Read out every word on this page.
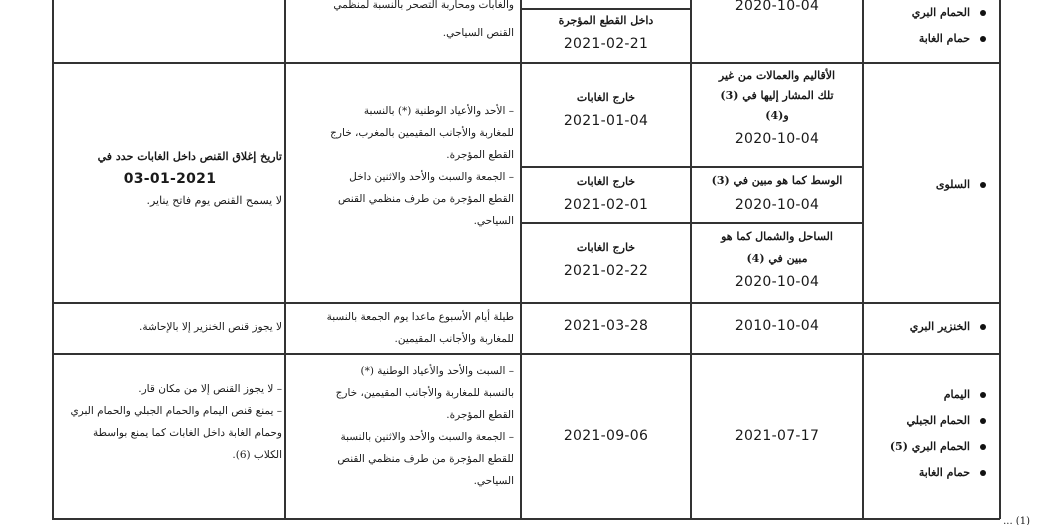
الحمام البري
حمام الغابة
2020-10-04
داخل القطع المؤجرة
2021-02-21
والغابات ومحاربة التصحر بالنسبة لمنظمي
القنص السياحي.
السلوى
الأقاليم والعمالات من غير
تلك المشار إليها في (3)
و(4)
2020-10-04
الوسط كما هو مبين في (3)
2020-10-04
الساحل والشمال كما هو
مبين في (4)
2020-10-04
خارج الغابات
2021-01-04
خارج الغابات
2021-02-01
خارج الغابات
2021-02-22
– الأحد والأعياد الوطنية (*) بالنسبة
للمغاربة والأجانب المقيمين بالمغرب، خارج
القطع المؤجرة.
– الجمعة والسبت والأحد والاثنين داخل
القطع المؤجرة من طرف منظمي القنص
السياحي.
تاريخ إغلاق القنص داخل الغابات حدد في
03-01-2021
لا يسمح القنص يوم فاتح يناير.
الخنزير البري
2010-10-04
2021-03-28
طيلة أيام الأسبوع ماعدا يوم الجمعة بالنسبة
للمغاربة والأجانب المقيمين.
لا يجوز قنص الخنزير إلا بالإحاشة.
اليمام
الحمام الجبلي
الحمام البري (5)
حمام الغابة
2021-07-17
2021-09-06
– السبت والأحد والأعياد الوطنية (*)
بالنسبة للمغاربة والأجانب المقيمين، خارج
القطع المؤجرة.
– الجمعة والسبت والأحد والاثنين بالنسبة
للقطع المؤجرة من طرف منظمي القنص
السياحي.
– لا يجوز القنص إلا من مكان قار.
– يمنع قنص اليمام والحمام الجبلي والحمام البري
وحمام الغابة داخل الغابات كما يمنع بواسطة
الكلاب (6).
(1) ...
